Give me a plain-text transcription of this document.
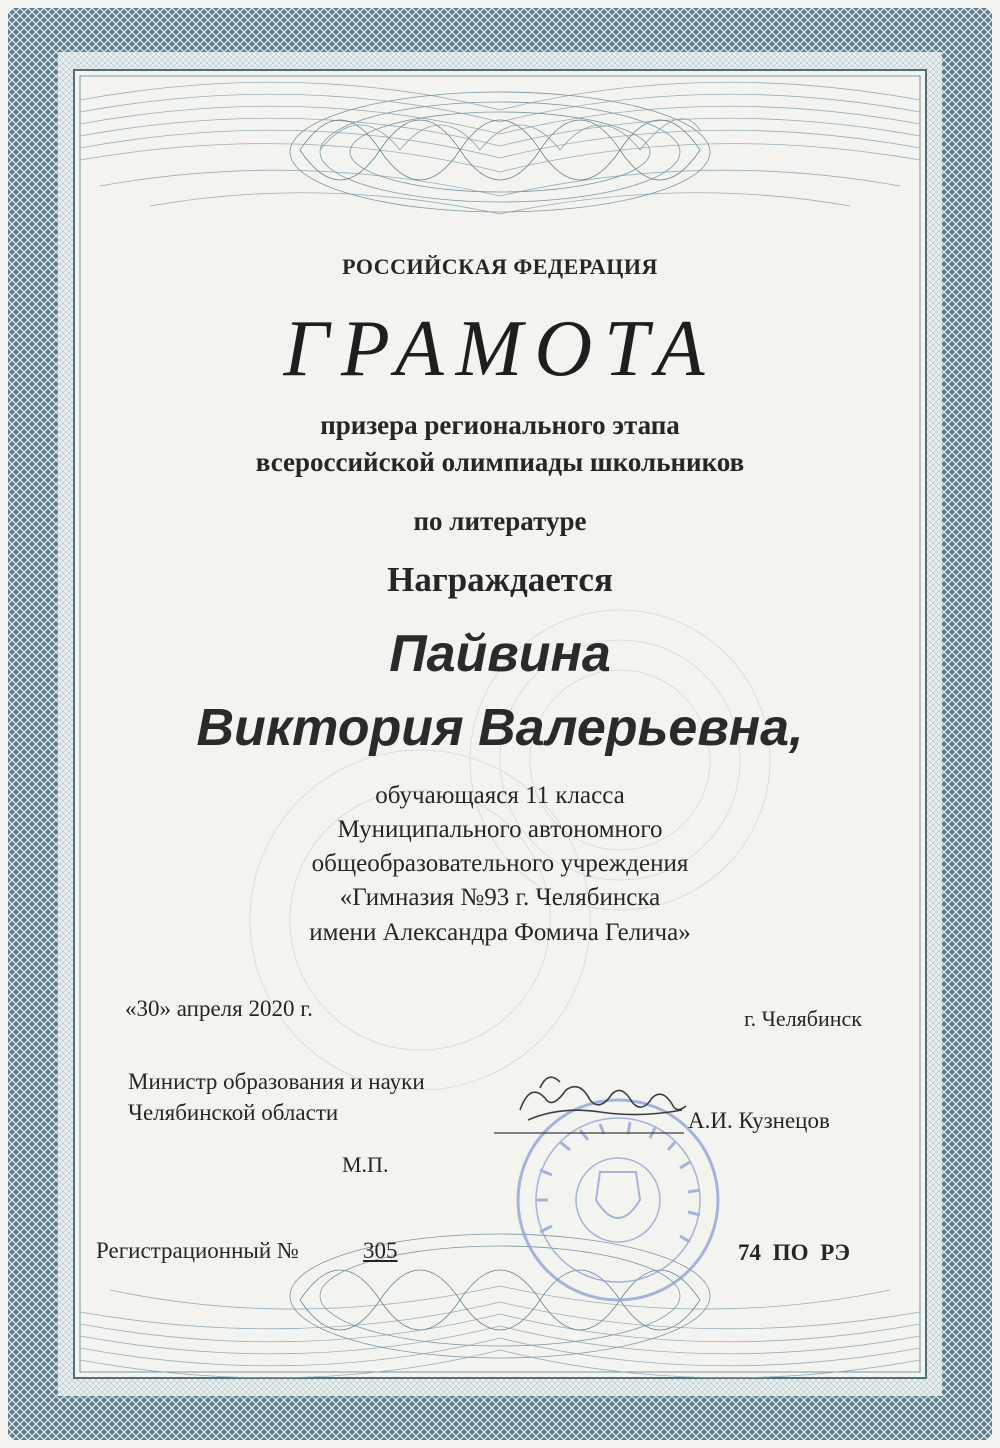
РОССИЙСКАЯ ФЕДЕРАЦИЯ
ГРАМОТА
призера регионального этапа
всероссийской олимпиады школьников
по литературе
Награждается
Пайвина
Виктория Валерьевна,
обучающаяся 11 класса
Муниципального автономного
общеобразовательного учреждения
«Гимназия №93 г. Челябинска
имени Александра Фомича Гелича»
«30» апреля 2020 г.	г. Челябинск
Министр образования и науки
Челябинской области	А.И. Кузнецов
М.П.
Регистрационный №	305	74 ПО РЭ
